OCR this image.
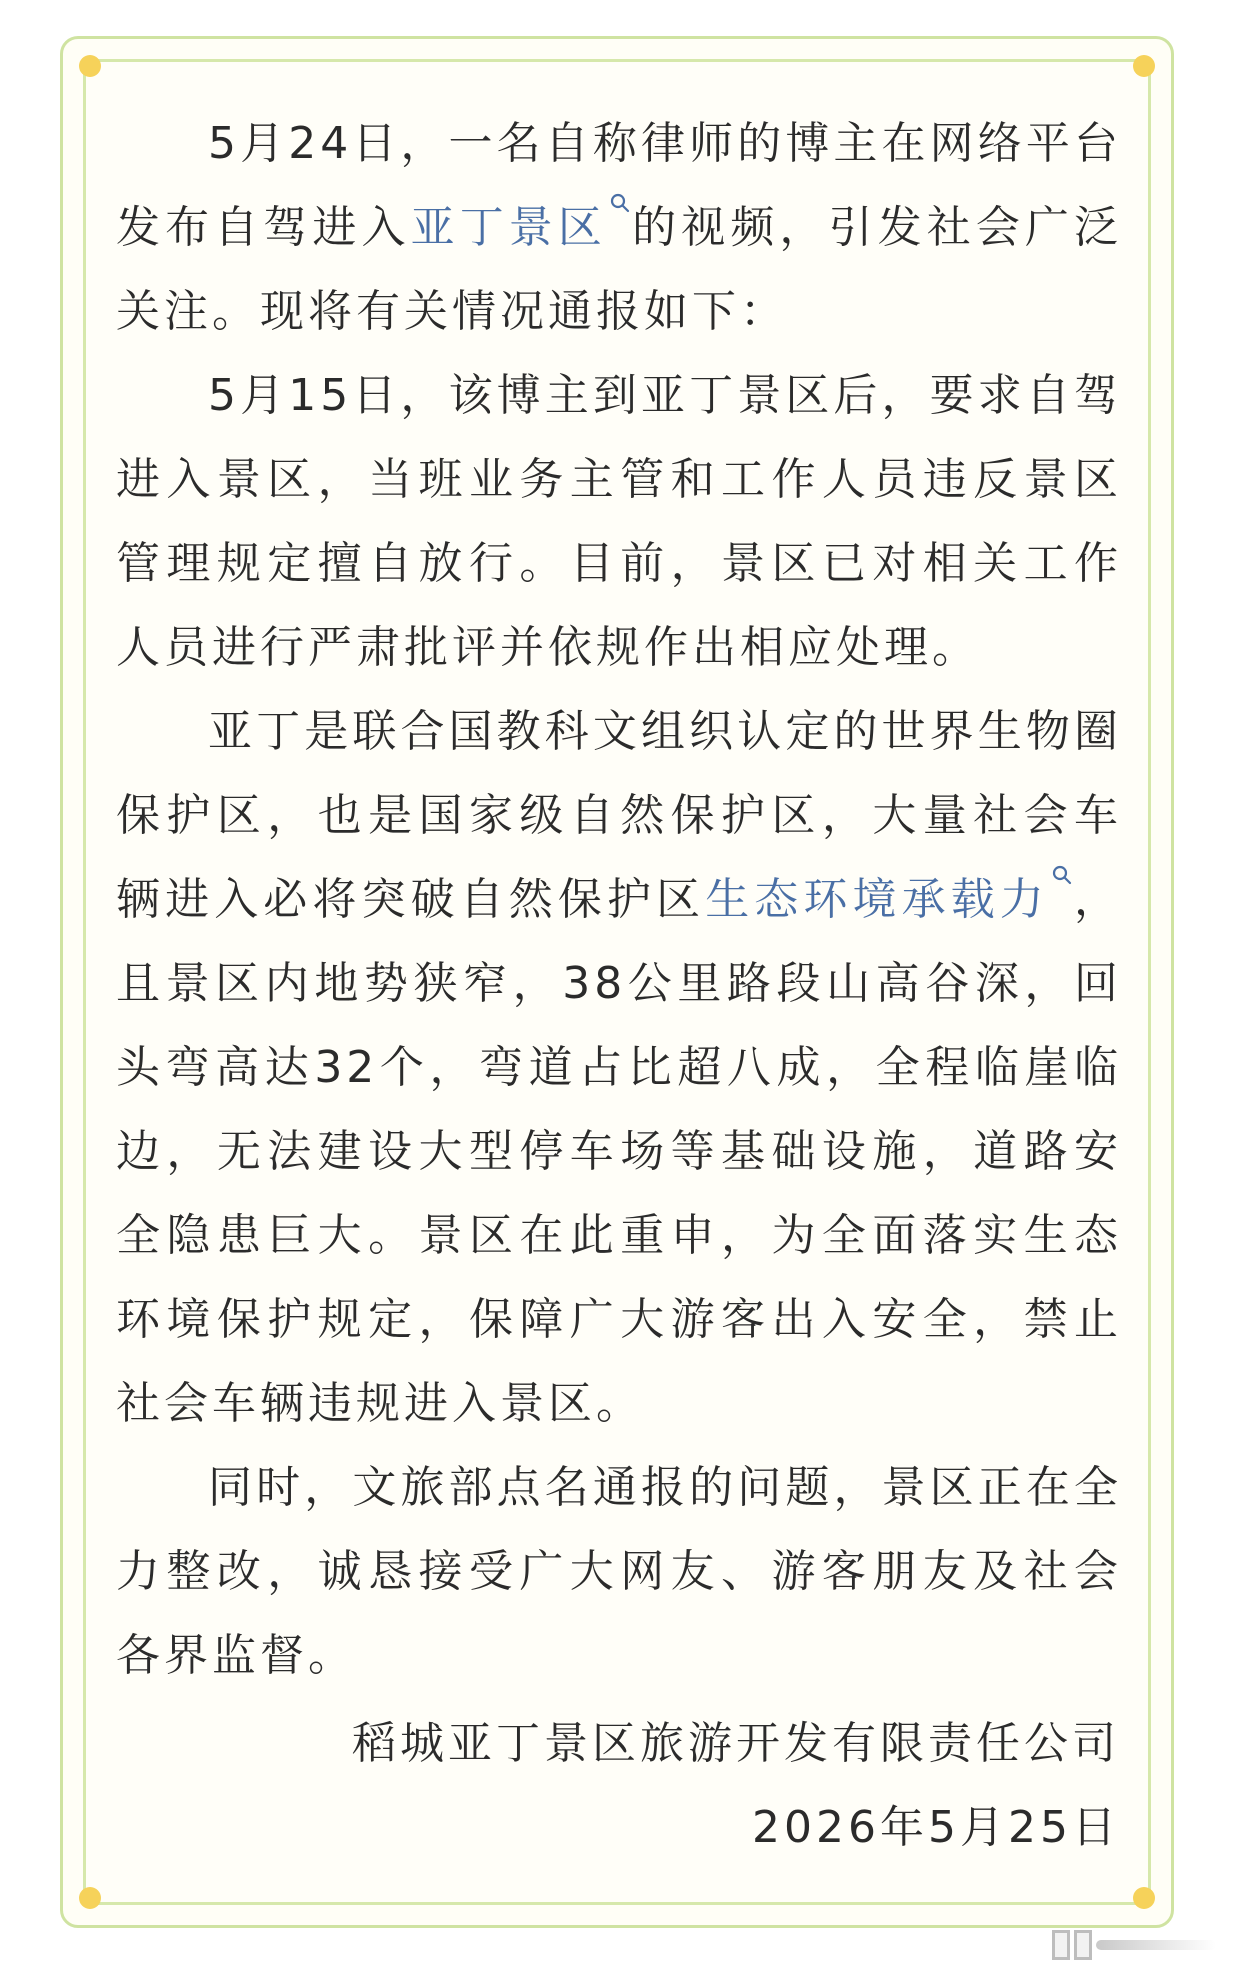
5月24日，一名自称律师的博主在网络平台发布自驾进入亚丁景区 的视频，引发社会广泛关注。现将有关情况通报如下：

5月15日，该博主到亚丁景区后，要求自驾进入景区，当班业务主管和工作人员违反景区管理规定擅自放行。目前，景区已对相关工作人员进行严肃批评并依规作出相应处理。

亚丁是联合国教科文组织认定的世界生物圈保护区，也是国家级自然保护区，大量社会车辆进入必将突破自然保护区生态环境承载力 ，且景区内地势狭窄，38公里路段山高谷深，回头弯高达32个，弯道占比超八成，全程临崖临边，无法建设大型停车场等基础设施，道路安全隐患巨大。景区在此重申，为全面落实生态环境保护规定，保障广大游客出入安全，禁止社会车辆违规进入景区。

同时，文旅部点名通报的问题，景区正在全力整改，诚恳接受广大网友、游客朋友及社会各界监督。

稻城亚丁景区旅游开发有限责任公司
2026年5月25日
